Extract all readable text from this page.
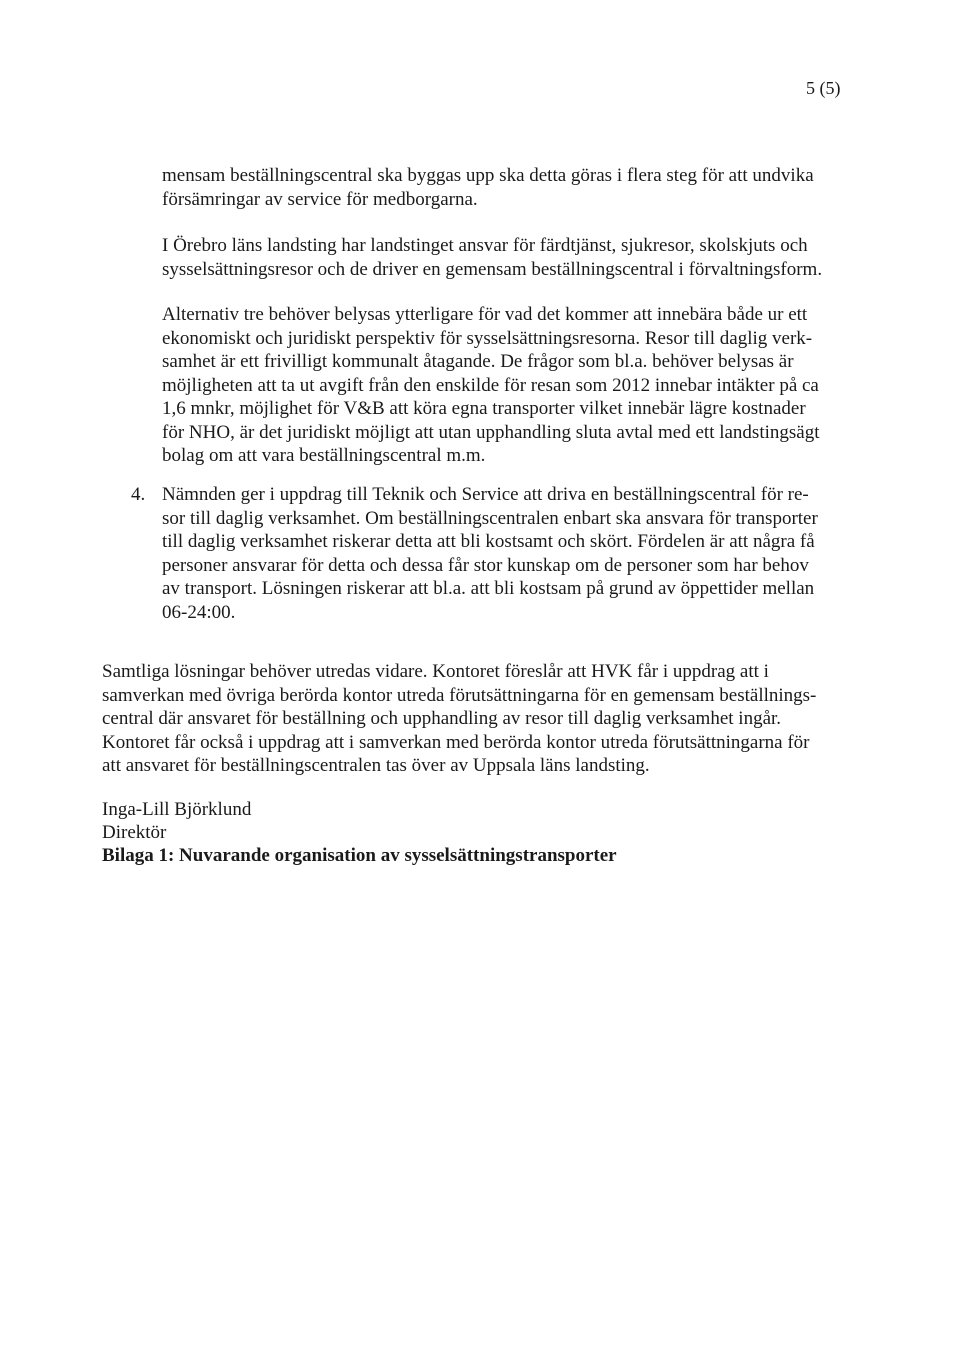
5 (5)
mensam beställningscentral ska byggas upp ska detta göras i flera steg för att undvika
försämringar av service för medborgarna.
I Örebro läns landsting har landstinget ansvar för färdtjänst, sjukresor, skolskjuts och
sysselsättningsresor och de driver en gemensam beställningscentral i förvaltningsform.
Alternativ tre behöver belysas ytterligare för vad det kommer att innebära både ur ett
ekonomiskt och juridiskt perspektiv för sysselsättningsresorna. Resor till daglig verk-
samhet är ett frivilligt kommunalt åtagande. De frågor som bl.a. behöver belysas är
möjligheten att ta ut avgift från den enskilde för resan som 2012 innebar intäkter på ca
1,6 mnkr, möjlighet för V&B att köra egna transporter vilket innebär lägre kostnader
för NHO, är det juridiskt möjligt att utan upphandling sluta avtal med ett landstingsägt
bolag om att vara beställningscentral m.m.
4. Nämnden ger i uppdrag till Teknik och Service att driva en beställningscentral för re-
sor till daglig verksamhet. Om beställningscentralen enbart ska ansvara för transporter
till daglig verksamhet riskerar detta att bli kostsamt och skört. Fördelen är att några få
personer ansvarar för detta och dessa får stor kunskap om de personer som har behov
av transport. Lösningen riskerar att bl.a. att bli kostsam på grund av öppettider mellan
06-24:00.
Samtliga lösningar behöver utredas vidare. Kontoret föreslår att HVK får i uppdrag att i
samverkan med övriga berörda kontor utreda förutsättningarna för en gemensam beställnings-
central där ansvaret för beställning och upphandling av resor till daglig verksamhet ingår.
Kontoret får också i uppdrag att i samverkan med berörda kontor utreda förutsättningarna för
att ansvaret för beställningscentralen tas över av Uppsala läns landsting.
Inga-Lill Björklund
Direktör
Bilaga 1: Nuvarande organisation av sysselsättningstransporter
